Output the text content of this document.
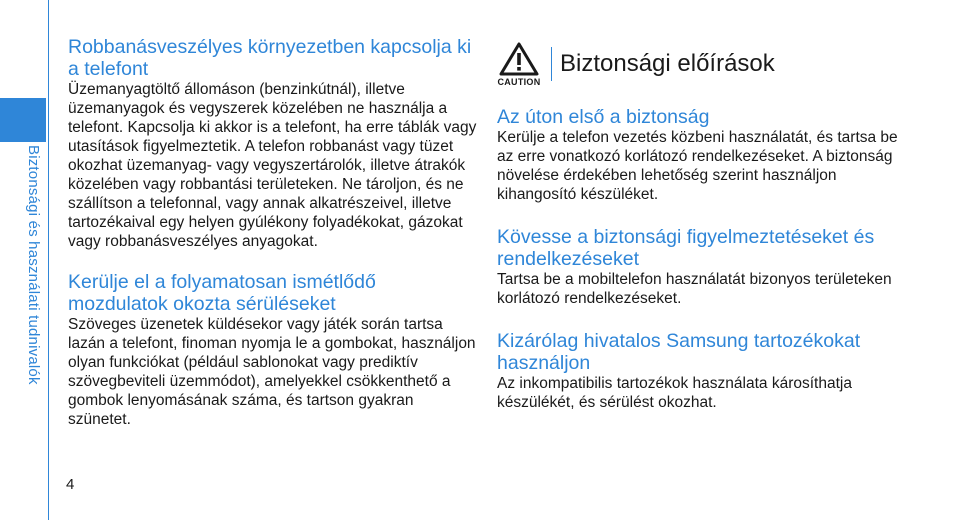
Biztonsági és használati tudnivalók
4
Robbanásveszélyes környezetben kapcsolja ki a telefont

Üzemanyagtöltő állomáson (benzinkútnál), illetve üzemanyagok és vegyszerek közelében ne használja a telefont. Kapcsolja ki akkor is a telefont, ha erre táblák vagy utasítások figyelmeztetik. A telefon robbanást vagy tüzet okozhat üzemanyag- vagy vegyszertárolók, illetve átrakók közelében vagy robbantási területeken. Ne tároljon, és ne szállítson a telefonnal, vagy annak alkatrészeivel, illetve tartozékaival egy helyen gyúlékony folyadékokat, gázokat vagy robbanásveszélyes anyagokat.

Kerülje el a folyamatosan ismétlődő mozdulatok okozta sérüléseket

Szöveges üzenetek küldésekor vagy játék során tartsa lazán a telefont, finoman nyomja le a gombokat, használjon olyan funkciókat (például sablonokat vagy prediktív szövegbeviteli üzemmódot), amelyekkel csökkenthető a gombok lenyomásának száma, és tartson gyakran szünetet.

CAUTION
Biztonsági előírások
Az úton első a biztonság

Kerülje a telefon vezetés közbeni használatát, és tartsa be az erre vonatkozó korlátozó rendelkezéseket. A biztonság növelése érdekében lehetőség szerint használjon kihangosító készüléket.

Kövesse a biztonsági figyelmeztetéseket és rendelkezéseket

Tartsa be a mobiltelefon használatát bizonyos területeken korlátozó rendelkezéseket.

Kizárólag hivatalos Samsung tartozékokat használjon

Az inkompatibilis tartozékok használata károsíthatja készülékét, és sérülést okozhat.
